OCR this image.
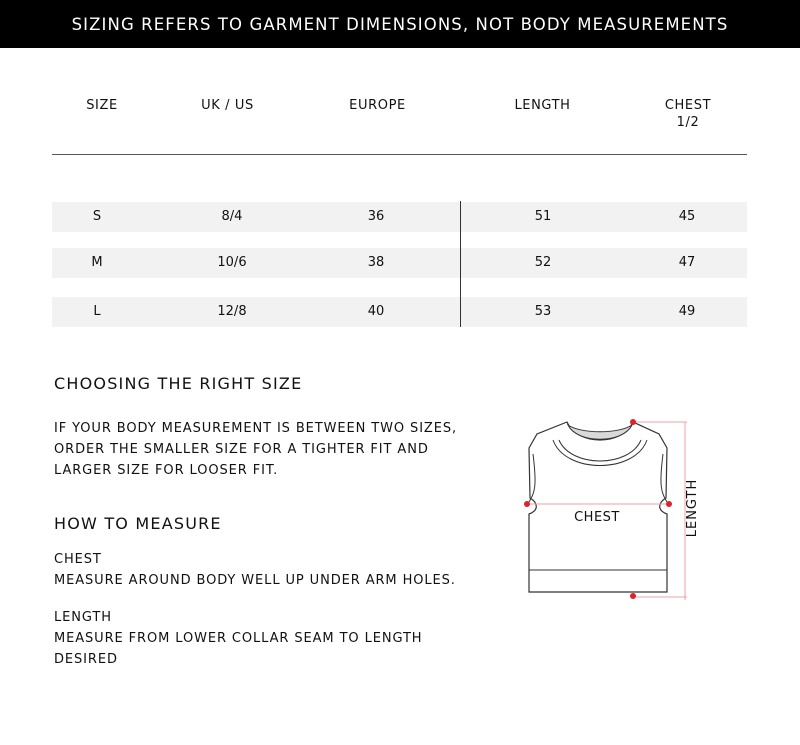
SIZING REFERS TO GARMENT DIMENSIONS, NOT BODY MEASUREMENTS
SIZE	UK / US	EUROPE	LENGTH	CHEST
1/2
S	8/4	36	51	45
M	10/6	38	52	47
L	12/8	40	53	49
CHOOSING THE RIGHT SIZE
IF YOUR BODY MEASUREMENT IS BETWEEN TWO SIZES,
ORDER THE SMALLER SIZE FOR A TIGHTER FIT AND
LARGER SIZE FOR LOOSER FIT.
HOW TO MEASURE
CHEST
MEASURE AROUND BODY WELL UP UNDER ARM HOLES.
LENGTH
MEASURE FROM LOWER COLLAR SEAM TO LENGTH
DESIRED
CHEST	LENGTH
